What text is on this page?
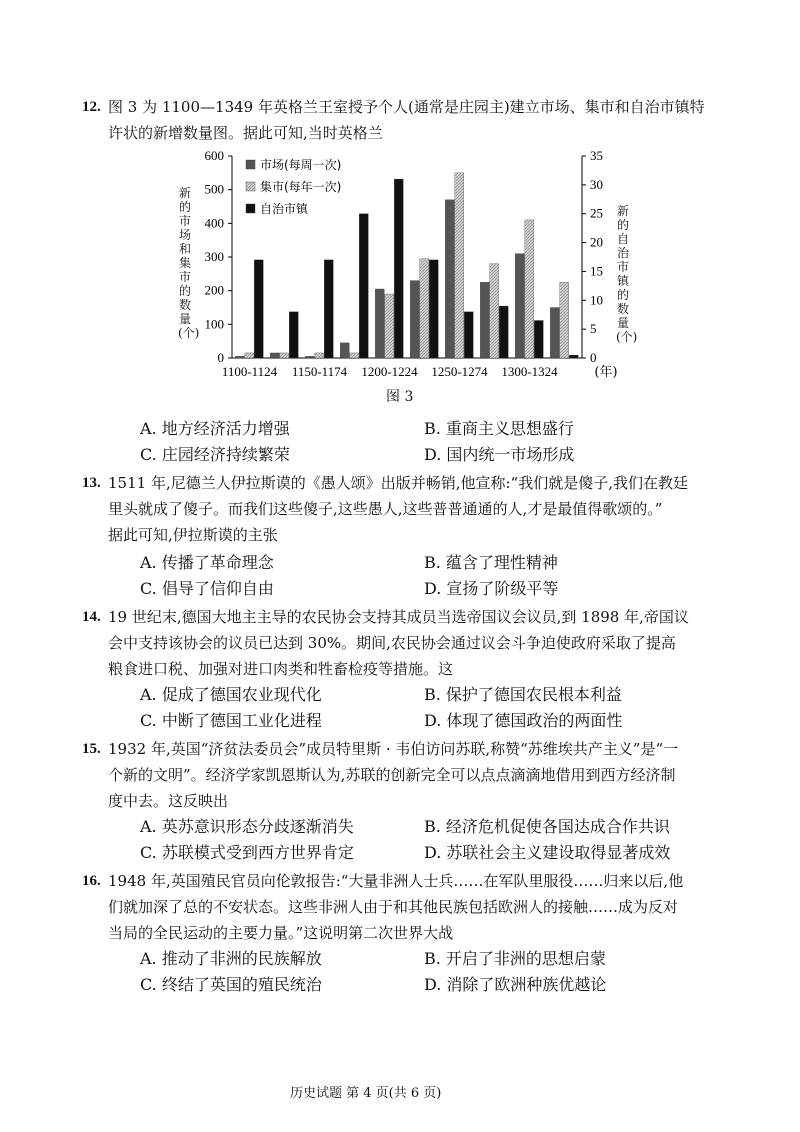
12. 图 3 为 1100—1349 年英格兰王室授予个人(通常是庄园主)建立市场、集市和自治市镇特
许状的新增数量图。据此可知,当时英格兰
新的市场和集市的数量(个)
新的自治市镇的数量(个)
0
100
200
300
400
500
600
0
5
10
15
20
25
30
35
1100-1124 1150-1174 1200-1224 1250-1274 1300-1324	(年)
市场(每周一次)
集市(每年一次)
自治市镇
图 3
A. 地方经济活力增强	B. 重商主义思想盛行
C. 庄园经济持续繁荣	D. 国内统一市场形成
13. 1511 年,尼德兰人伊拉斯谟的《愚人颂》出版并畅销,他宣称:“我们就是傻子,我们在教廷
里头就成了傻子。而我们这些傻子,这些愚人,这些普普通通的人,才是最值得歌颂的。”
据此可知,伊拉斯谟的主张
A. 传播了革命理念	B. 蕴含了理性精神
C. 倡导了信仰自由	D. 宣扬了阶级平等
14. 19 世纪末,德国大地主主导的农民协会支持其成员当选帝国议会议员,到 1898 年,帝国议
会中支持该协会的议员已达到 30%。期间,农民协会通过议会斗争迫使政府采取了提高
粮食进口税、加强对进口肉类和牲畜检疫等措施。这
A. 促成了德国农业现代化	B. 保护了德国农民根本利益
C. 中断了德国工业化进程	D. 体现了德国政治的两面性
15. 1932 年,英国“济贫法委员会”成员特里斯 · 韦伯访问苏联,称赞“苏维埃共产主义”是“一
个新的文明”。经济学家凯恩斯认为,苏联的创新完全可以点点滴滴地借用到西方经济制
度中去。这反映出
A. 英苏意识形态分歧逐渐消失	B. 经济危机促使各国达成合作共识
C. 苏联模式受到西方世界肯定	D. 苏联社会主义建设取得显著成效
16. 1948 年,英国殖民官员向伦敦报告:“大量非洲人士兵……在军队里服役……归来以后,他
们就加深了总的不安状态。这些非洲人由于和其他民族包括欧洲人的接触……成为反对
当局的全民运动的主要力量。”这说明第二次世界大战
A. 推动了非洲的民族解放	B. 开启了非洲的思想启蒙
C. 终结了英国的殖民统治	D. 消除了欧洲种族优越论
历史试题 第 4 页(共 6 页)
